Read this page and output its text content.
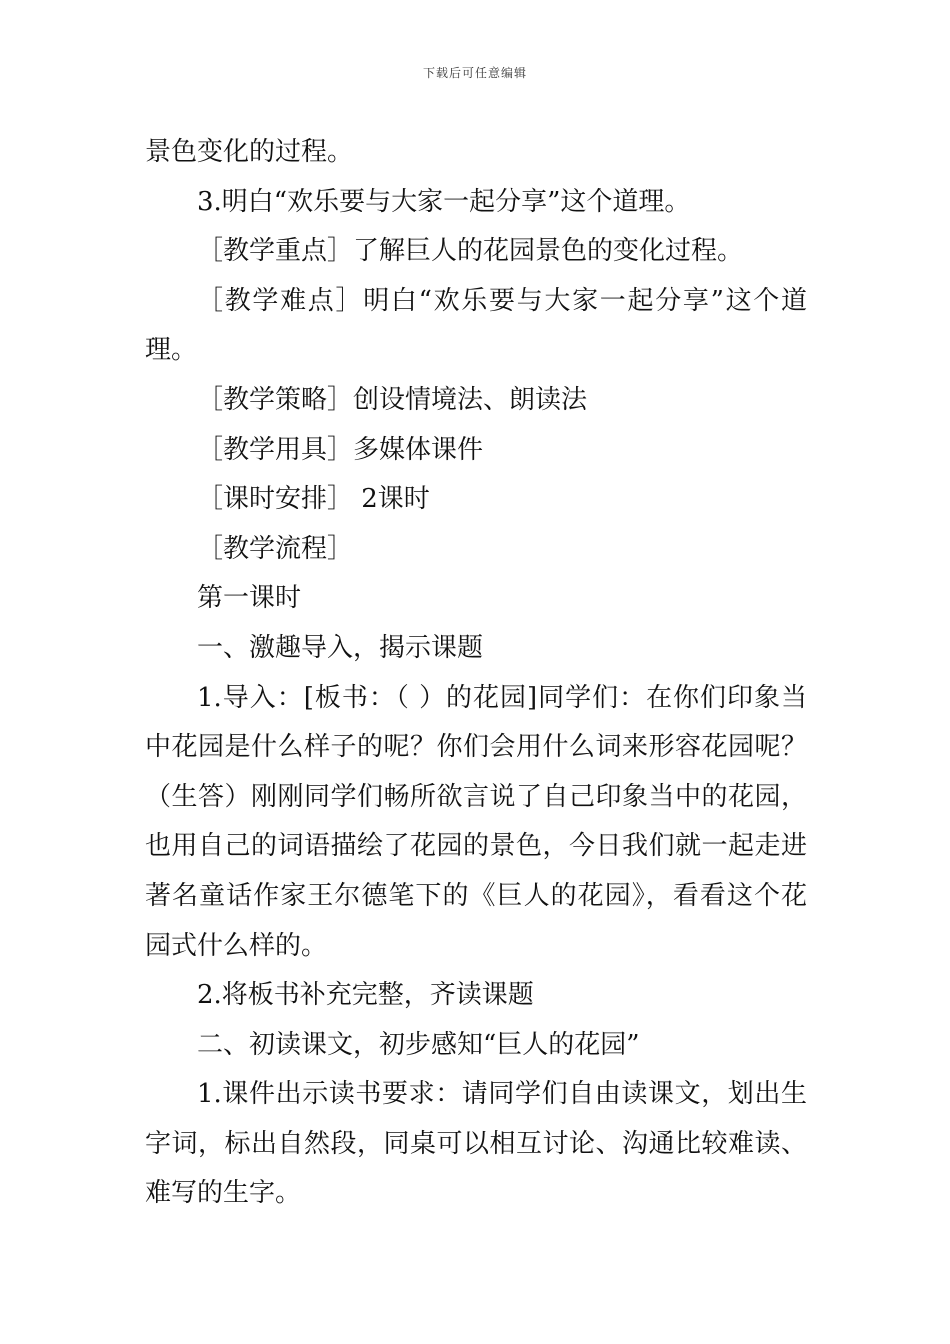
下载后可任意编辑
景色变化的过程。
3.明白“欢乐要与大家一起分享”这个道理。
［教学重点］了解巨人的花园景色的变化过程。
［教学难点］明白“欢乐要与大家一起分享”这个道
理。
［教学策略］创设情境法、朗读法
［教学用具］多媒体课件
［课时安排］ 2课时
［教学流程］
第一课时
一、激趣导入，揭示课题
1.导入：[板书：（ ）的花园]同学们：在你们印象当
中花园是什么样子的呢？你们会用什么词来形容花园呢？
（生答）刚刚同学们畅所欲言说了自己印象当中的花园，
也用自己的词语描绘了花园的景色，今日我们就一起走进
著名童话作家王尔德笔下的《巨人的花园》，看看这个花
园式什么样的。
2.将板书补充完整，齐读课题
二、初读课文，初步感知“巨人的花园”
1.课件出示读书要求：请同学们自由读课文，划出生
字词，标出自然段，同桌可以相互讨论、沟通比较难读、
难写的生字。
